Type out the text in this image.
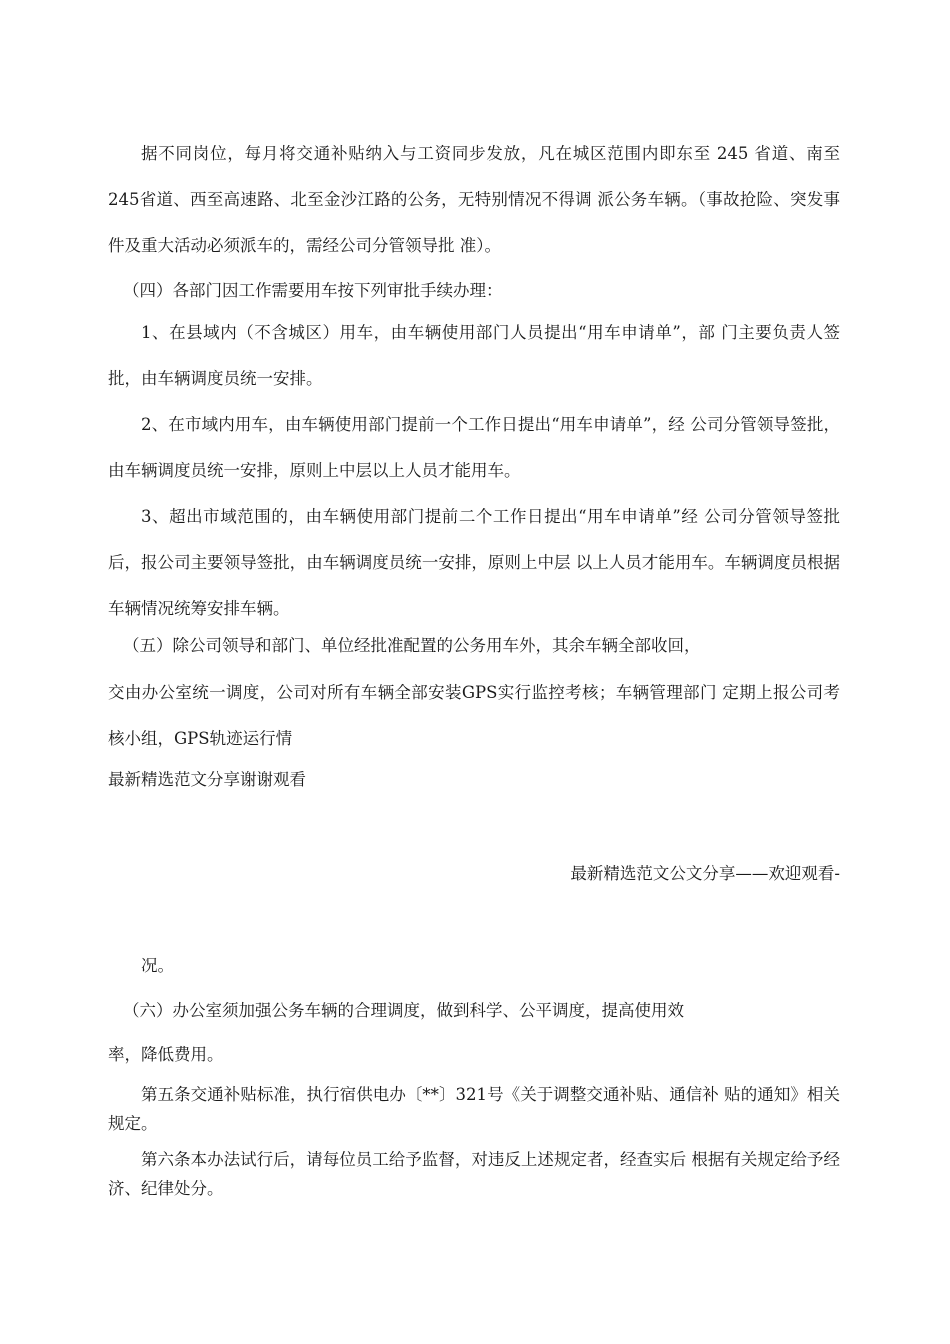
据不同岗位，每月将交通补贴纳入与工资同步发放，凡在城区范围内即东至 245 省道、南至245省道、西至高速路、北至金沙江路的公务，无特别情况不得调 派公务车辆。（事故抢险、突发事件及重大活动必须派车的，需经公司分管领导批 准）。

（四）各部门因工作需要用车按下列审批手续办理：

1、在县域内（不含城区）用车，由车辆使用部门人员提出“用车申请单”，部 门主要负责人签批，由车辆调度员统一安排。

2、在市域内用车，由车辆使用部门提前一个工作日提出“用车申请单”，经 公司分管领导签批，由车辆调度员统一安排，原则上中层以上人员才能用车。

3、超出市域范围的，由车辆使用部门提前二个工作日提出“用车申请单”经 公司分管领导签批后，报公司主要领导签批，由车辆调度员统一安排，原则上中层 以上人员才能用车。车辆调度员根据车辆情况统筹安排车辆。

（五）除公司领导和部门、单位经批准配置的公务用车外，其余车辆全部收回，

交由办公室统一调度，公司对所有车辆全部安装GPS实行监控考核；车辆管理部门 定期上报公司考核小组，GPS轨迹运行情

最新精选范文分享谢谢观看

最新精选范文公文分享——欢迎观看-

况。

（六）办公室须加强公务车辆的合理调度，做到科学、公平调度，提高使用效

率，降低费用。

第五条交通补贴标准，执行宿供电办〔**〕321号《关于调整交通补贴、通信补 贴的通知》相关规定。

第六条本办法试行后，请每位员工给予监督，对违反上述规定者，经查实后 根据有关规定给予经济、纪律处分。
